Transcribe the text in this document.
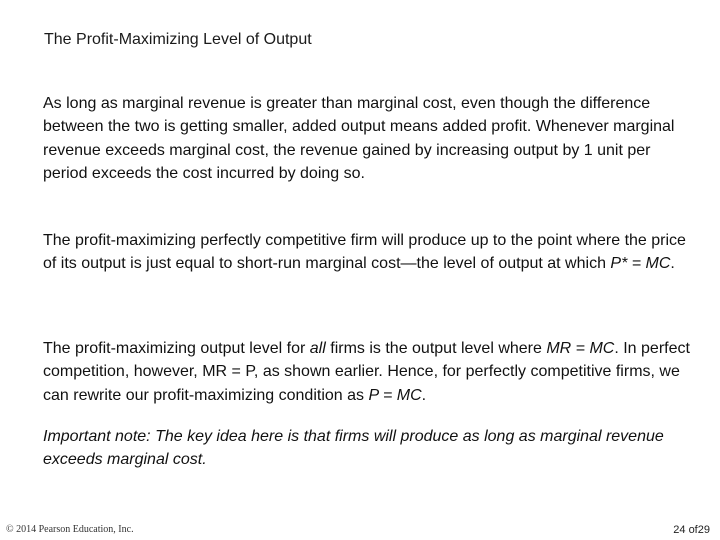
The Profit-Maximizing Level of Output

As long as marginal revenue is greater than marginal cost, even though the difference between the two is getting smaller, added output means added profit. Whenever marginal revenue exceeds marginal cost, the revenue gained by increasing output by 1 unit per period exceeds the cost incurred by doing so.

The profit-maximizing perfectly competitive firm will produce up to the point where the price of its output is just equal to short-run marginal cost—the level of output at which P* = MC.

The profit-maximizing output level for all firms is the output level where MR = MC. In perfect competition, however, MR = P, as shown earlier. Hence, for perfectly competitive firms, we can rewrite our profit-maximizing condition as P = MC.

Important note: The key idea here is that firms will produce as long as marginal revenue exceeds marginal cost.

© 2014 Pearson Education, Inc.	24 of29
